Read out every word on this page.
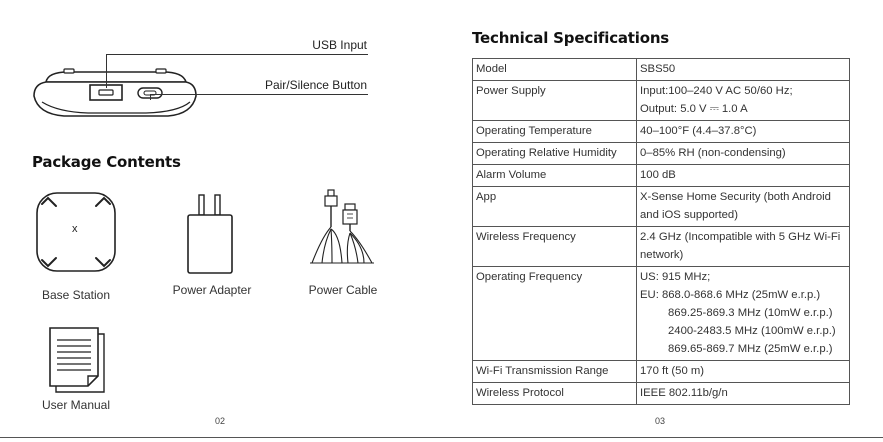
USB Input
Pair/Silence Button
Package Contents
x
Base Station	Power Adapter	Power Cable
User Manual
02
Technical Specifications
Model	SBS50

Power Supply	Input:100–240 V AC 50/60 Hz;
Output: 5.0 V ⎓ 1.0 A

Operating Temperature	40–100°F (4.4–37.8°C)

Operating Relative Humidity	0–85% RH (non-condensing)

Alarm Volume	100 dB

App	X-Sense Home Security (both Android
and iOS supported)

Wireless Frequency	2.4 GHz (Incompatible with 5 GHz Wi-Fi
network)

Operating Frequency	US: 915 MHz;
EU: 868.0-868.6 MHz (25mW e.r.p.)
869.25-869.3 MHz (10mW e.r.p.)
2400-2483.5 MHz (100mW e.r.p.)
869.65-869.7 MHz (25mW e.r.p.)

Wi-Fi Transmission Range	170 ft (50 m)

Wireless Protocol	IEEE 802.11b/g/n
03
